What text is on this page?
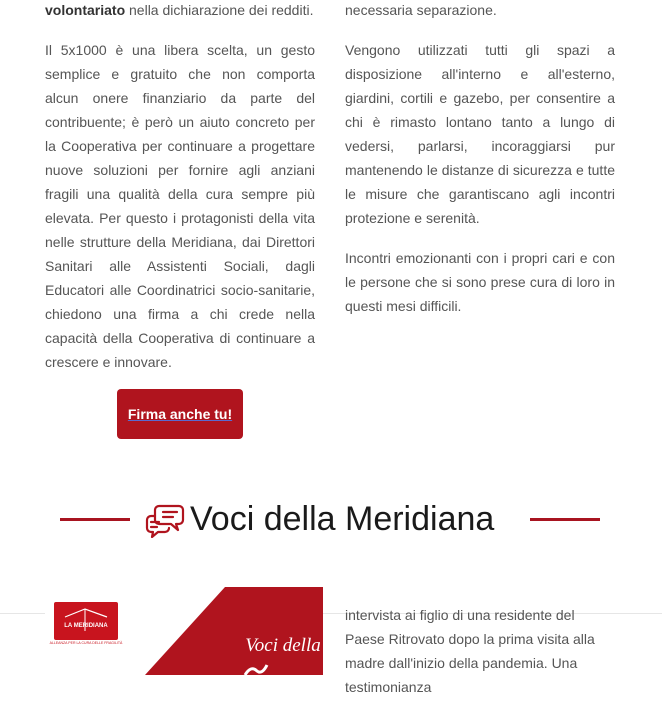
volontariato nella dichiarazione dei redditi.

Il 5x1000 è una libera scelta, un gesto semplice e gratuito che non comporta alcun onere finanziario da parte del contribuente; è però un aiuto concreto per la Cooperativa per continuare a progettare nuove soluzioni per fornire agli anziani fragili una qualità della cura sempre più elevata. Per questo i protagonisti della vita nelle strutture della Meridiana, dai Direttori Sanitari alle Assistenti Sociali, dagli Educatori alle Coordinatrici socio-sanitarie, chiedono una firma a chi crede nella capacità della Cooperativa di continuare a crescere e innovare.

necessaria separazione.

Vengono utilizzati tutti gli spazi a disposizione all'interno e all'esterno, giardini, cortili e gazebo, per consentire a chi è rimasto lontano tanto a lungo di vedersi, parlarsi, incoraggiarsi pur mantenendo le distanze di sicurezza e tutte le misure che garantiscano agli incontri protezione e serenità.

Incontri emozionanti con i propri cari e con le persone che si sono prese cura di loro in questi mesi difficili.

Firma anche tu!
Voci della Meridiana
LA MERIDIANA
ALLEANZA PER LA CURA DELLE FRAGILITÀ	Voci della

intervista ai figlio di una residente del Paese Ritrovato dopo la prima visita alla madre dall'inizio della pandemia. Una testimonianza
